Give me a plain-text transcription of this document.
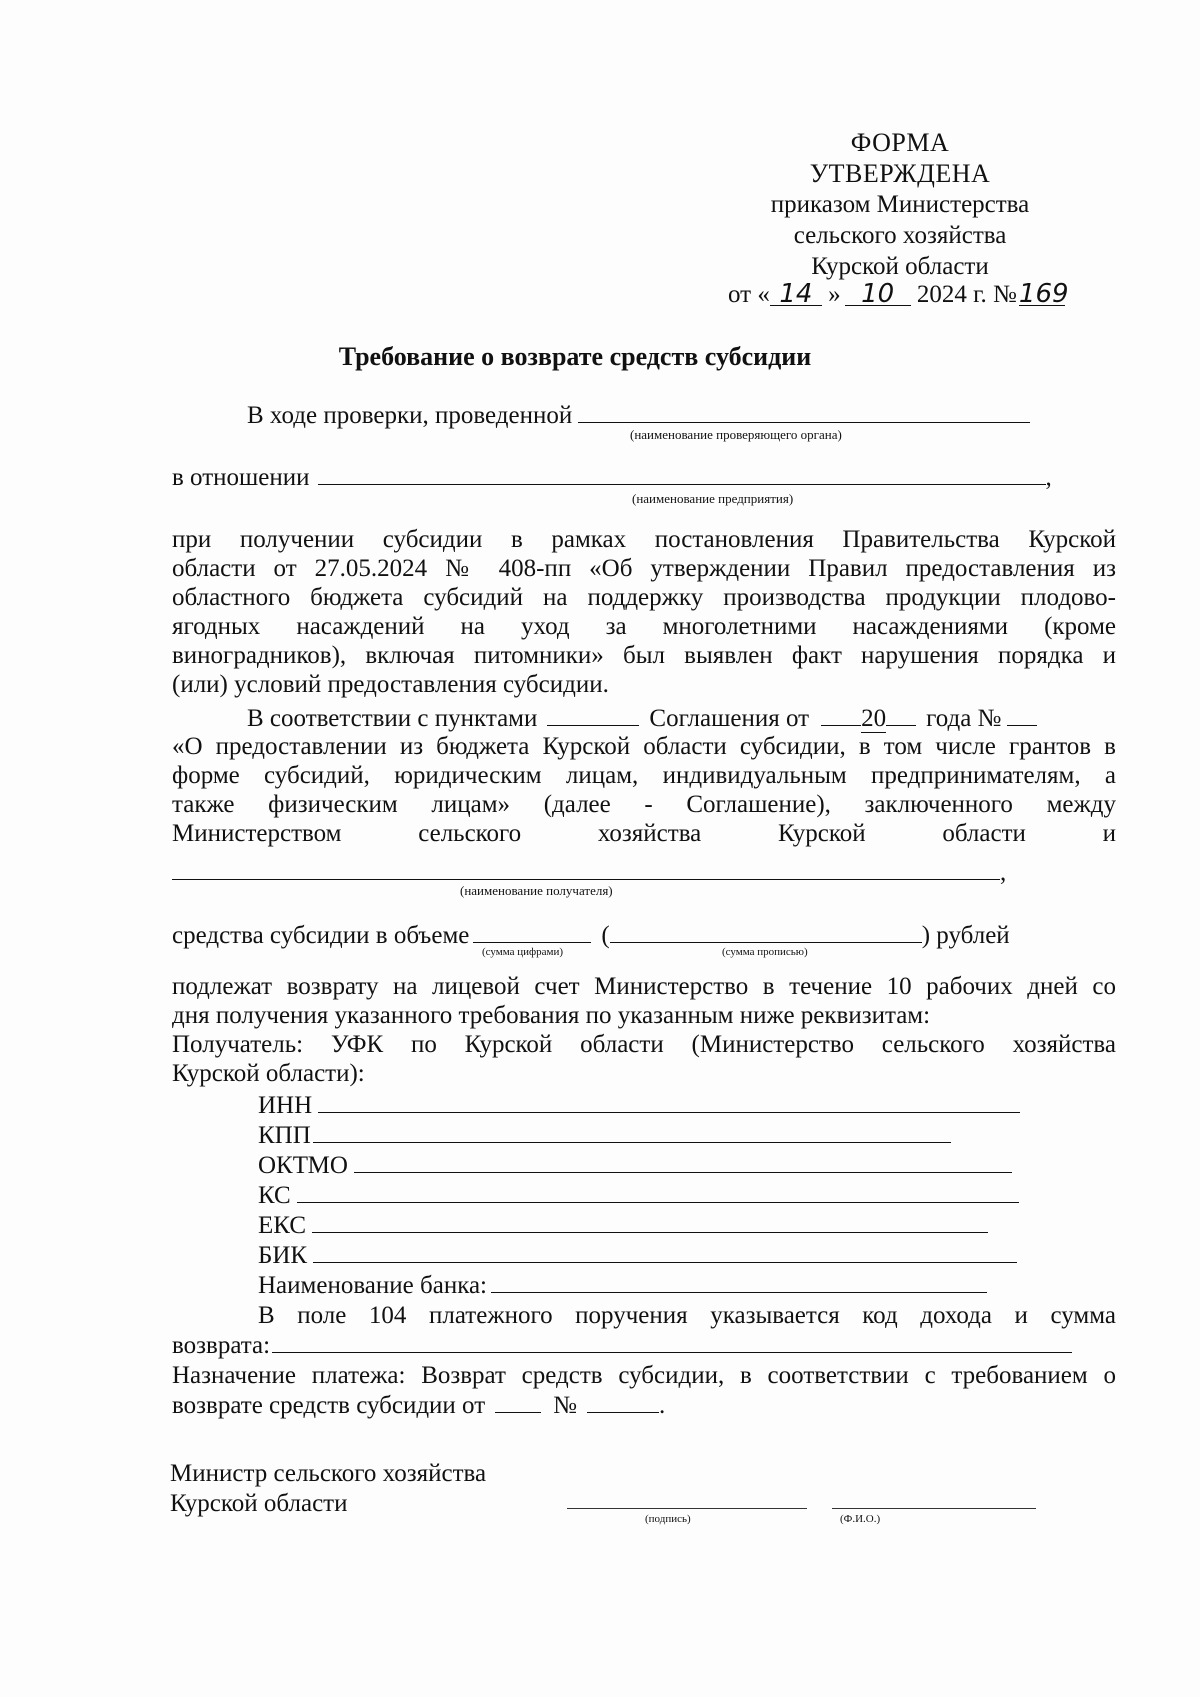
ФОРМА
УТВЕРЖДЕНА
приказом Министерства
сельского хозяйства
Курской области
от « 14 » 10 2024 г. №169
Требование о возврате средств субсидии
В ходе проверки, проведенной
(наименование проверяющего органа)
в отношении	,
(наименование предприятия)
при получении субсидии в рамках постановления Правительства Курской
области от 27.05.2024 № 408-пп «Об утверждении Правил предоставления из
областного бюджета субсидий на поддержку производства продукции плодово-
ягодных насаждений на уход за многолетними насаждениями (кроме
виноградников), включая питомники» был выявлен факт нарушения порядка и
(или) условий предоставления субсидии.
В соответствии с пунктами	Соглашения от 20 года №
«О предоставлении из бюджета Курской области субсидии, в том числе грантов в
форме субсидий, юридическим лицам, индивидуальным предпринимателям, а
также физическим лицам» (далее - Соглашение), заключенного между
Министерством сельского хозяйства Курской области и
,
(наименование получателя)
средства субсидии в объеме	(	) рублей
(сумма цифрами)	(сумма прописью)
подлежат возврату на лицевой счет Министерство в течение 10 рабочих дней со
дня получения указанного требования по указанным ниже реквизитам:
Получатель: УФК по Курской области (Министерство сельского хозяйства
Курской области):
ИНН
КПП
ОКТМО
КС
ЕКС
БИК
Наименование банка:
В поле 104 платежного поручения указывается код дохода и сумма
возврата:
Назначение платежа: Возврат средств субсидии, в соответствии с требованием о
возврате средств субсидии от	№	.
Министр сельского хозяйства
Курской области
(подпись)	(Ф.И.О.)
